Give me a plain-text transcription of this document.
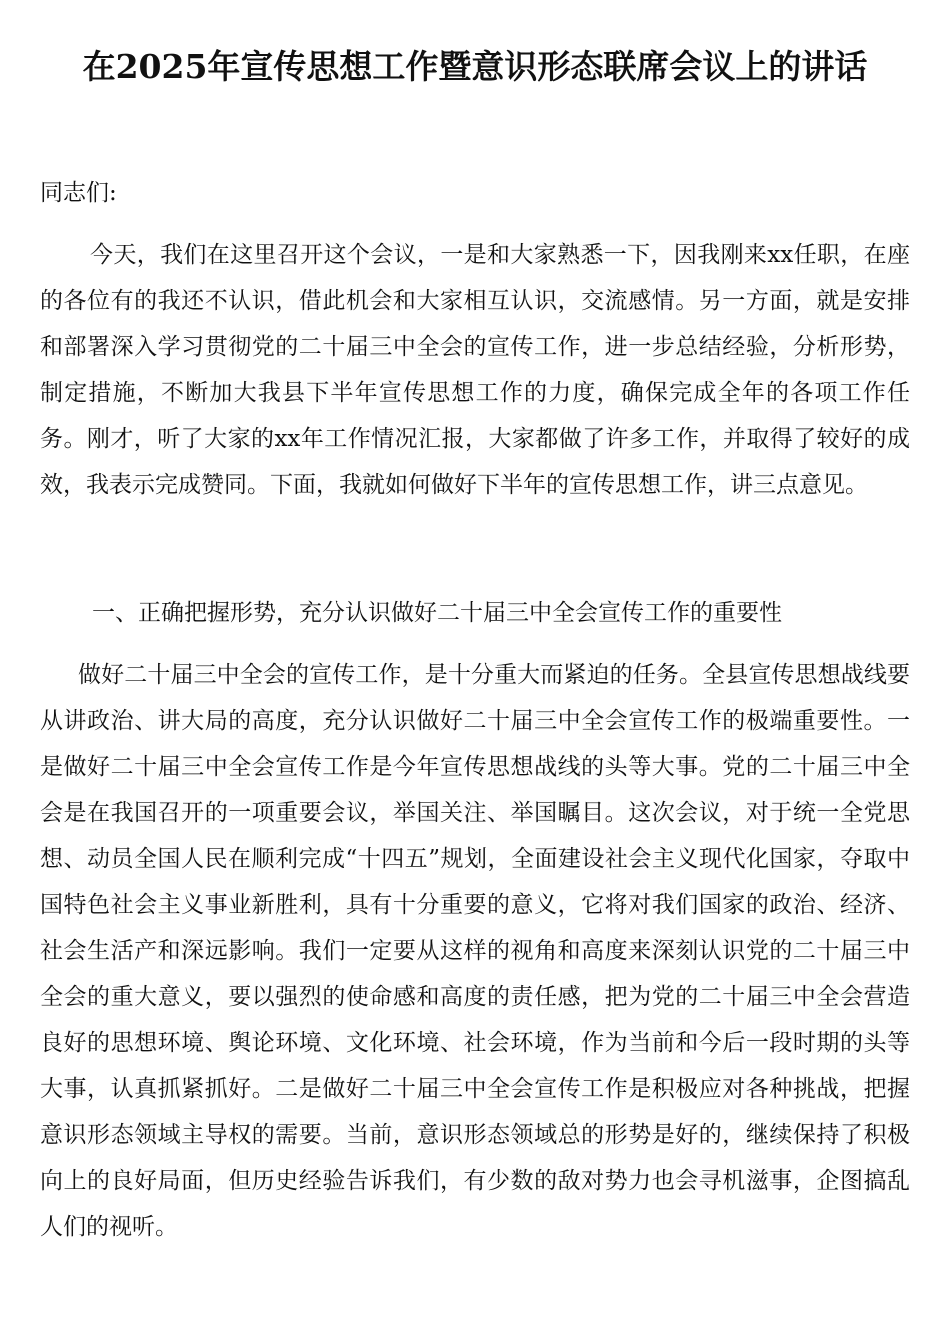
在2025年宣传思想工作暨意识形态联席会议上的讲话
同志们:
今天，我们在这里召开这个会议，一是和大家熟悉一下，因我刚来xx任职，在座的各位有的我还不认识，借此机会和大家相互认识，交流感情。另一方面，就是安排和部署深入学习贯彻党的二十届三中全会的宣传工作，进一步总结经验，分析形势，制定措施，不断加大我县下半年宣传思想工作的力度，确保完成全年的各项工作任务。刚才，听了大家的xx年工作情况汇报，大家都做了许多工作，并取得了较好的成效，我表示完成赞同。下面，我就如何做好下半年的宣传思想工作，讲三点意见。
一、正确把握形势，充分认识做好二十届三中全会宣传工作的重要性
做好二十届三中全会的宣传工作，是十分重大而紧迫的任务。全县宣传思想战线要从讲政治、讲大局的高度，充分认识做好二十届三中全会宣传工作的极端重要性。一是做好二十届三中全会宣传工作是今年宣传思想战线的头等大事。党的二十届三中全会是在我国召开的一项重要会议，举国关注、举国瞩目。这次会议，对于统一全党思想、动员全国人民在顺利完成“十四五”规划，全面建设社会主义现代化国家，夺取中国特色社会主义事业新胜利，具有十分重要的意义，它将对我们国家的政治、经济、社会生活产和深远影响。我们一定要从这样的视角和高度来深刻认识党的二十届三中全会的重大意义，要以强烈的使命感和高度的责任感，把为党的二十届三中全会营造良好的思想环境、舆论环境、文化环境、社会环境，作为当前和今后一段时期的头等大事，认真抓紧抓好。二是做好二十届三中全会宣传工作是积极应对各种挑战，把握意识形态领域主导权的需要。当前，意识形态领域总的形势是好的，继续保持了积极向上的良好局面，但历史经验告诉我们，有少数的敌对势力也会寻机滋事，企图搞乱人们的视听。
